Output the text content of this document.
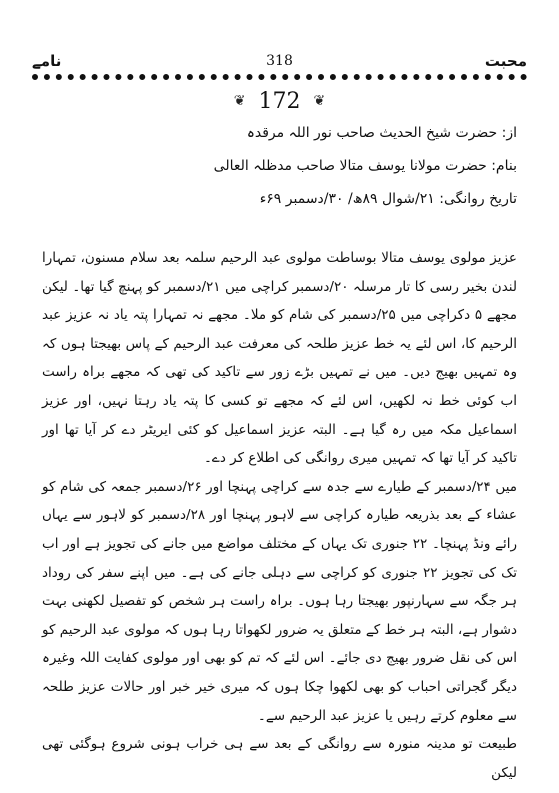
محبت
318
نامے
❦ 172 ❦
از: حضرت شیخ الحدیث صاحب نور اللہ مرقدہ
بنام: حضرت مولانا یوسف متالا صاحب مدظلہ العالی
تاریخ روانگی: ۲۱/شوال ۸۹ھ/ ۳۰/دسمبر ۶۹ء

عزیز مولوی یوسف متالا بوساطت مولوی عبد الرحیم سلمہ بعد سلام مسنون، تمہارا لندن بخیر رسی کا تار مرسلہ ۲۰/دسمبر کراچی میں ۲۱/دسمبر کو پہنچ گیا تھا۔ لیکن مجھے ۵ دکراچی میں ۲۵/دسمبر کی شام کو ملا۔ مجھے نہ تمہارا پتہ یاد نہ عزیز عبد الرحیم کا، اس لئے یہ خط عزیز طلحہ کی معرفت عبد الرحیم کے پاس بھیجتا ہوں کہ وہ تمہیں بھیج دیں۔ میں نے تمہیں بڑے زور سے تاکید کی تھی کہ مجھے براہ راست اب کوئی خط نہ لکھیں، اس لئے کہ مجھے تو کسی کا پتہ یاد رہتا نہیں، اور عزیز اسماعیل مکہ میں رہ گیا ہے۔ البتہ عزیز اسماعیل کو کئی ایریٹر دے کر آیا تھا اور تاکید کر آیا تھا کہ تمہیں میری روانگی کی اطلاع کر دے۔

میں ۲۴/دسمبر کے طیارے سے جدہ سے کراچی پہنچا اور ۲۶/دسمبر جمعہ کی شام کو عشاء کے بعد بذریعہ طیارہ کراچی سے لاہور پہنچا اور ۲۸/دسمبر کو لاہور سے یہاں رائے ونڈ پہنچا۔ ۲۲ جنوری تک یہاں کے مختلف مواضع میں جانے کی تجویز ہے اور اب تک کی تجویز ۲۲ جنوری کو کراچی سے دہلی جانے کی ہے۔ میں اپنے سفر کی روداد ہر جگہ سے سہارنپور بھیجتا رہا ہوں۔ براہ راست ہر شخص کو تفصیل لکھنی بہت دشوار ہے، البتہ ہر خط کے متعلق یہ ضرور لکھواتا رہا ہوں کہ مولوی عبد الرحیم کو اس کی نقل ضرور بھیج دی جائے۔ اس لئے کہ تم کو بھی اور مولوی کفایت اللہ وغیرہ دیگر گجراتی احباب کو بھی لکھوا چکا ہوں کہ میری خیر خبر اور حالات عزیز طلحہ سے معلوم کرتے رہیں یا عزیز عبد الرحیم سے۔

طبیعت تو مدینہ منورہ سے روانگی کے بعد سے ہی خراب ہونی شروع ہوگئی تھی لیکن
